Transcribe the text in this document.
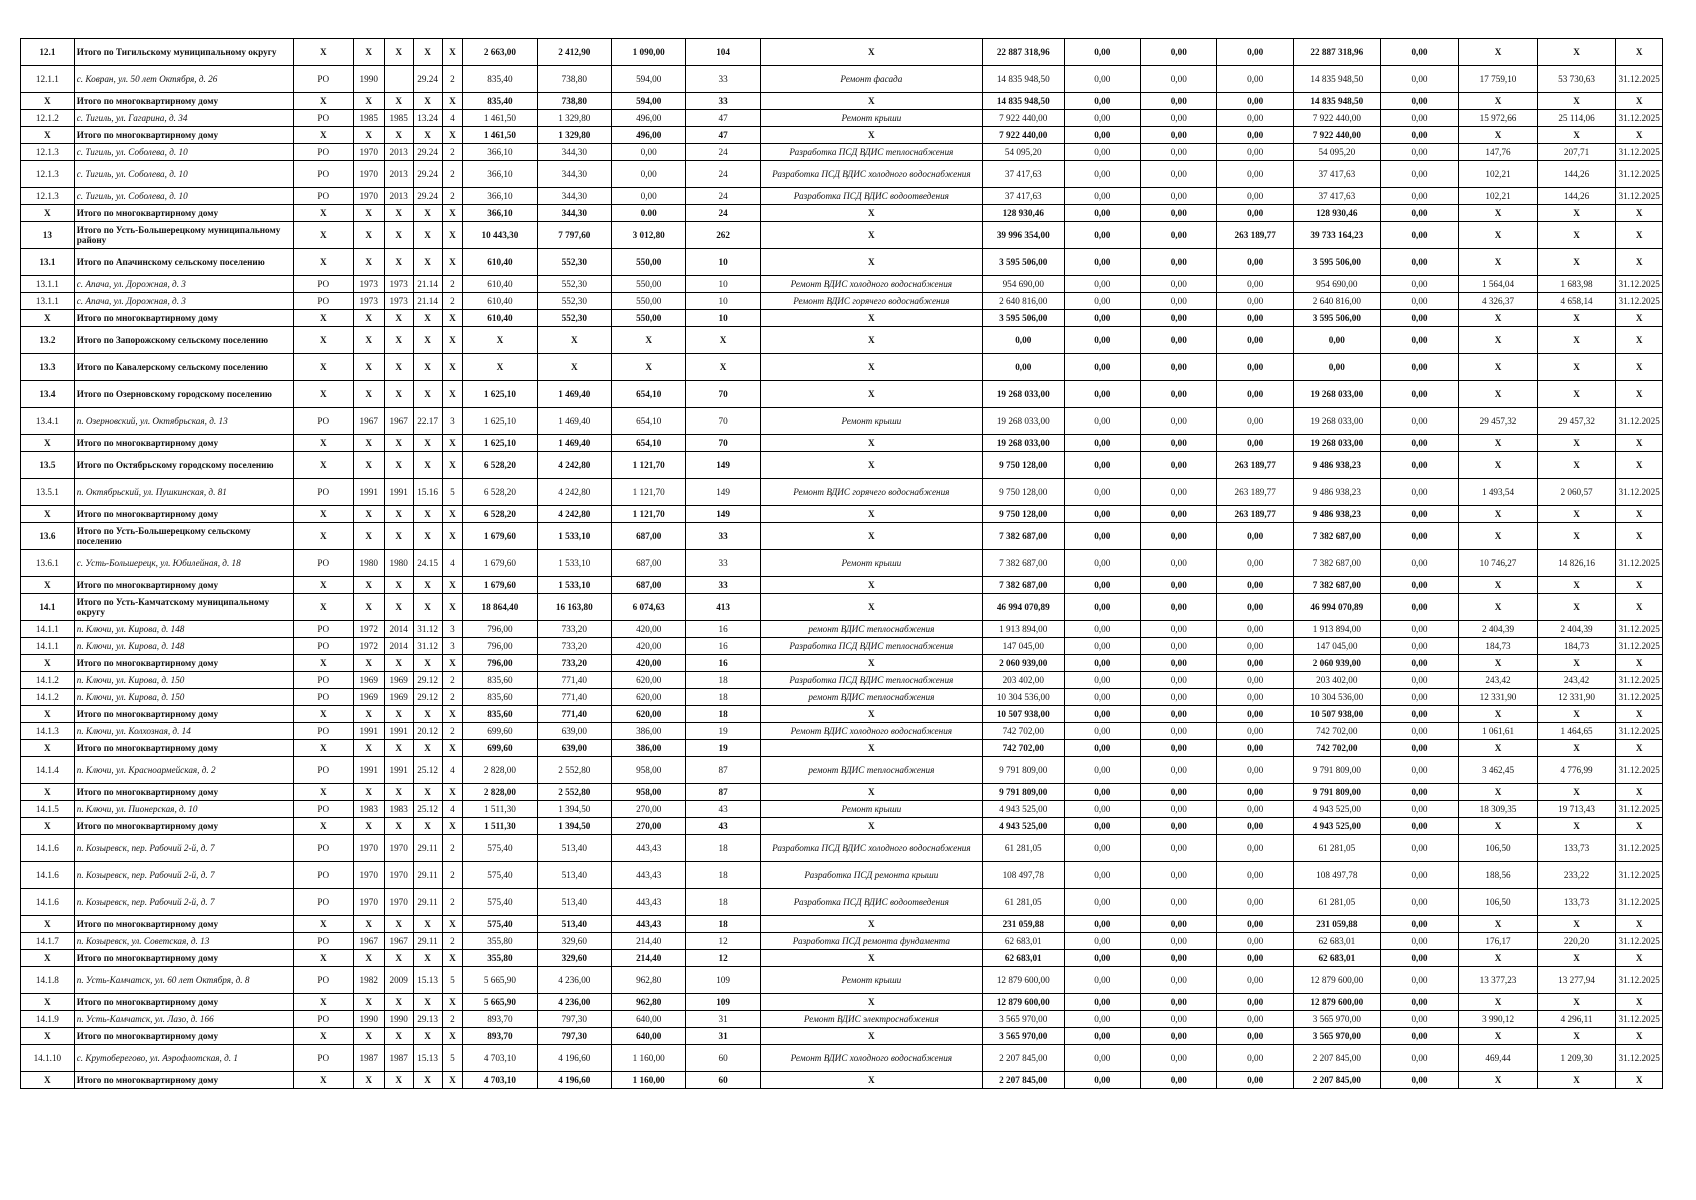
12.1	Итого по Тигильскому муниципальному округу	X	X	X	X	X	2 663,00	2 412,90	1 090,00	104	X	22 887 318,96	0,00	0,00	0,00	22 887 318,96	0,00	X	X	X
12.1.1	с. Ковран, ул. 50 лет Октября, д. 26	РО	1990		29.24	2	835,40	738,80	594,00	33	Ремонт фасада	14 835 948,50	0,00	0,00	0,00	14 835 948,50	0,00	17 759,10	53 730,63	31.12.2025
X	Итого по многоквартирному дому	X	X	X	X	X	835,40	738,80	594,00	33	X	14 835 948,50	0,00	0,00	0,00	14 835 948,50	0,00	X	X	X
12.1.2	с. Тигиль, ул. Гагарина, д. 34	РО	1985	1985	13.24	4	1 461,50	1 329,80	496,00	47	Ремонт крыши	7 922 440,00	0,00	0,00	0,00	7 922 440,00	0,00	15 972,66	25 114,06	31.12.2025
X	Итого по многоквартирному дому	X	X	X	X	X	1 461,50	1 329,80	496,00	47	X	7 922 440,00	0,00	0,00	0,00	7 922 440,00	0,00	X	X	X
12.1.3	с. Тигиль, ул. Соболева, д. 10	РО	1970	2013	29.24	2	366,10	344,30	0,00	24	Разработка ПСД ВДИС теплоснабжения	54 095,20	0,00	0,00	0,00	54 095,20	0,00	147,76	207,71	31.12.2025
12.1.3	с. Тигиль, ул. Соболева, д. 10	РО	1970	2013	29.24	2	366,10	344,30	0,00	24	Разработка ПСД ВДИС холодного водоснабжения	37 417,63	0,00	0,00	0,00	37 417,63	0,00	102,21	144,26	31.12.2025
12.1.3	с. Тигиль, ул. Соболева, д. 10	РО	1970	2013	29.24	2	366,10	344,30	0,00	24	Разработка ПСД ВДИС водоотведения	37 417,63	0,00	0,00	0,00	37 417,63	0,00	102,21	144,26	31.12.2025
X	Итого по многоквартирному дому	X	X	X	X	X	366,10	344,30	0.00	24	X	128 930,46	0,00	0,00	0,00	128 930,46	0,00	X	X	X
13	Итого по Усть-Большерецкому муниципальному району	X	X	X	X	X	10 443,30	7 797,60	3 012,80	262	X	39 996 354,00	0,00	0,00	263 189,77	39 733 164,23	0,00	X	X	X
13.1	Итого по Апачинскому сельскому поселению	X	X	X	X	X	610,40	552,30	550,00	10	X	3 595 506,00	0,00	0,00	0,00	3 595 506,00	0,00	X	X	X
13.1.1	с. Апача, ул. Дорожная, д. 3	РО	1973	1973	21.14	2	610,40	552,30	550,00	10	Ремонт ВДИС холодного водоснабжения	954 690,00	0,00	0,00	0,00	954 690,00	0,00	1 564,04	1 683,98	31.12.2025
13.1.1	с. Апача, ул. Дорожная, д. 3	РО	1973	1973	21.14	2	610,40	552,30	550,00	10	Ремонт ВДИС горячего водоснабжения	2 640 816,00	0,00	0,00	0,00	2 640 816,00	0,00	4 326,37	4 658,14	31.12.2025
X	Итого по многоквартирному дому	X	X	X	X	X	610,40	552,30	550,00	10	X	3 595 506,00	0,00	0,00	0,00	3 595 506,00	0,00	X	X	X
13.2	Итого по Запорожскому сельскому поселению	X	X	X	X	X	X	X	X	X	X	0,00	0,00	0,00	0,00	0,00	0,00	X	X	X
13.3	Итого по Кавалерскому сельскому поселению	X	X	X	X	X	X	X	X	X	X	0,00	0,00	0,00	0,00	0,00	0,00	X	X	X
13.4	Итого по Озерновскому городскому поселению	X	X	X	X	X	1 625,10	1 469,40	654,10	70	X	19 268 033,00	0,00	0,00	0,00	19 268 033,00	0,00	X	X	X
13.4.1	п. Озерновский, ул. Октябрьская, д. 13	РО	1967	1967	22.17	3	1 625,10	1 469,40	654,10	70	Ремонт крыши	19 268 033,00	0,00	0,00	0,00	19 268 033,00	0,00	29 457,32	29 457,32	31.12.2025
X	Итого по многоквартирному дому	X	X	X	X	X	1 625,10	1 469,40	654,10	70	X	19 268 033,00	0,00	0,00	0,00	19 268 033,00	0,00	X	X	X
13.5	Итого по Октябрьскому городскому поселению	X	X	X	X	X	6 528,20	4 242,80	1 121,70	149	X	9 750 128,00	0,00	0,00	263 189,77	9 486 938,23	0,00	X	X	X
13.5.1	п. Октябрьский, ул. Пушкинская, д. 81	РО	1991	1991	15.16	5	6 528,20	4 242,80	1 121,70	149	Ремонт ВДИС горячего водоснабжения	9 750 128,00	0,00	0,00	263 189,77	9 486 938,23	0,00	1 493,54	2 060,57	31.12.2025
X	Итого по многоквартирному дому	X	X	X	X	X	6 528,20	4 242,80	1 121,70	149	X	9 750 128,00	0,00	0,00	263 189,77	9 486 938,23	0,00	X	X	X
13.6	Итого по Усть-Большерецкому сельскому поселению	X	X	X	X	X	1 679,60	1 533,10	687,00	33	X	7 382 687,00	0,00	0,00	0,00	7 382 687,00	0,00	X	X	X
13.6.1	с. Усть-Большерецк, ул. Юбилейная, д. 18	РО	1980	1980	24.15	4	1 679,60	1 533,10	687,00	33	Ремонт крыши	7 382 687,00	0,00	0,00	0,00	7 382 687,00	0,00	10 746,27	14 826,16	31.12.2025
X	Итого по многоквартирному дому	X	X	X	X	X	1 679,60	1 533,10	687,00	33	X	7 382 687,00	0,00	0,00	0,00	7 382 687,00	0,00	X	X	X
14.1	Итого по Усть-Камчатскому муниципальному округу	X	X	X	X	X	18 864,40	16 163,80	6 074,63	413	X	46 994 070,89	0,00	0,00	0,00	46 994 070,89	0,00	X	X	X
14.1.1	п. Ключи, ул. Кирова, д. 148	РО	1972	2014	31.12	3	796,00	733,20	420,00	16	ремонт ВДИС теплоснабжения	1 913 894,00	0,00	0,00	0,00	1 913 894,00	0,00	2 404,39	2 404,39	31.12.2025
14.1.1	п. Ключи, ул. Кирова, д. 148	РО	1972	2014	31.12	3	796,00	733,20	420,00	16	Разработка ПСД ВДИС теплоснабжения	147 045,00	0,00	0,00	0,00	147 045,00	0,00	184,73	184,73	31.12.2025
X	Итого по многоквартирному дому	X	X	X	X	X	796,00	733,20	420,00	16	X	2 060 939,00	0,00	0,00	0,00	2 060 939,00	0,00	X	X	X
14.1.2	п. Ключи, ул. Кирова, д. 150	РО	1969	1969	29.12	2	835,60	771,40	620,00	18	Разработка ПСД ВДИС теплоснабжения	203 402,00	0,00	0,00	0,00	203 402,00	0,00	243,42	243,42	31.12.2025
14.1.2	п. Ключи, ул. Кирова, д. 150	РО	1969	1969	29.12	2	835,60	771,40	620,00	18	ремонт ВДИС теплоснабжения	10 304 536,00	0,00	0,00	0,00	10 304 536,00	0,00	12 331,90	12 331,90	31.12.2025
X	Итого по многоквартирному дому	X	X	X	X	X	835,60	771,40	620,00	18	X	10 507 938,00	0,00	0,00	0,00	10 507 938,00	0,00	X	X	X
14.1.3	п. Ключи, ул. Колхозная, д. 14	РО	1991	1991	20.12	2	699,60	639,00	386,00	19	Ремонт ВДИС холодного водоснабжения	742 702,00	0,00	0,00	0,00	742 702,00	0,00	1 061,61	1 464,65	31.12.2025
X	Итого по многоквартирному дому	X	X	X	X	X	699,60	639,00	386,00	19	X	742 702,00	0,00	0,00	0,00	742 702,00	0,00	X	X	X
14.1.4	п. Ключи, ул. Красноармейская, д. 2	РО	1991	1991	25.12	4	2 828,00	2 552,80	958,00	87	ремонт ВДИС теплоснабжения	9 791 809,00	0,00	0,00	0,00	9 791 809,00	0,00	3 462,45	4 776,99	31.12.2025
X	Итого по многоквартирному дому	X	X	X	X	X	2 828,00	2 552,80	958,00	87	X	9 791 809,00	0,00	0,00	0,00	9 791 809,00	0,00	X	X	X
14.1.5	п. Ключи, ул. Пионерская, д. 10	РО	1983	1983	25.12	4	1 511,30	1 394,50	270,00	43	Ремонт крыши	4 943 525,00	0,00	0,00	0,00	4 943 525,00	0,00	18 309,35	19 713,43	31.12.2025
X	Итого по многоквартирному дому	X	X	X	X	X	1 511,30	1 394,50	270,00	43	X	4 943 525,00	0,00	0,00	0,00	4 943 525,00	0,00	X	X	X
14.1.6	п. Козыревск, пер. Рабочий 2-й, д. 7	РО	1970	1970	29.11	2	575,40	513,40	443,43	18	Разработка ПСД ВДИС холодного водоснабжения	61 281,05	0,00	0,00	0,00	61 281,05	0,00	106,50	133,73	31.12.2025
14.1.6	п. Козыревск, пер. Рабочий 2-й, д. 7	РО	1970	1970	29.11	2	575,40	513,40	443,43	18	Разработка ПСД ремонта крыши	108 497,78	0,00	0,00	0,00	108 497,78	0,00	188,56	233,22	31.12.2025
14.1.6	п. Козыревск, пер. Рабочий 2-й, д. 7	РО	1970	1970	29.11	2	575,40	513,40	443,43	18	Разработка ПСД ВДИС водоотведения	61 281,05	0,00	0,00	0,00	61 281,05	0,00	106,50	133,73	31.12.2025
X	Итого по многоквартирному дому	X	X	X	X	X	575,40	513,40	443,43	18	X	231 059,88	0,00	0,00	0,00	231 059,88	0,00	X	X	X
14.1.7	п. Козыревск, ул. Советская, д. 13	РО	1967	1967	29.11	2	355,80	329,60	214,40	12	Разработка ПСД ремонта фундамента	62 683,01	0,00	0,00	0,00	62 683,01	0,00	176,17	220,20	31.12.2025
X	Итого по многоквартирному дому	X	X	X	X	X	355,80	329,60	214,40	12	X	62 683,01	0,00	0,00	0,00	62 683,01	0,00	X	X	X
14.1.8	п. Усть-Камчатск, ул. 60 лет Октября, д. 8	РО	1982	2009	15.13	5	5 665,90	4 236,00	962,80	109	Ремонт крыши	12 879 600,00	0,00	0,00	0,00	12 879 600,00	0,00	13 377,23	13 277,94	31.12.2025
X	Итого по многоквартирному дому	X	X	X	X	X	5 665,90	4 236,00	962,80	109	X	12 879 600,00	0,00	0,00	0,00	12 879 600,00	0,00	X	X	X
14.1.9	п. Усть-Камчатск, ул. Лазо, д. 166	РО	1990	1990	29.13	2	893,70	797,30	640,00	31	Ремонт ВДИС электроснабжения	3 565 970,00	0,00	0,00	0,00	3 565 970,00	0,00	3 990,12	4 296,11	31.12.2025
X	Итого по многоквартирному дому	X	X	X	X	X	893,70	797,30	640,00	31	X	3 565 970,00	0,00	0,00	0,00	3 565 970,00	0,00	X	X	X
14.1.10	с. Крутоберегово, ул. Аэрофлотская, д. 1	РО	1987	1987	15.13	5	4 703,10	4 196,60	1 160,00	60	Ремонт ВДИС холодного водоснабжения	2 207 845,00	0,00	0,00	0,00	2 207 845,00	0,00	469,44	1 209,30	31.12.2025
X	Итого по многоквартирному дому	X	X	X	X	X	4 703,10	4 196,60	1 160,00	60	X	2 207 845,00	0,00	0,00	0,00	2 207 845,00	0,00	X	X	X
